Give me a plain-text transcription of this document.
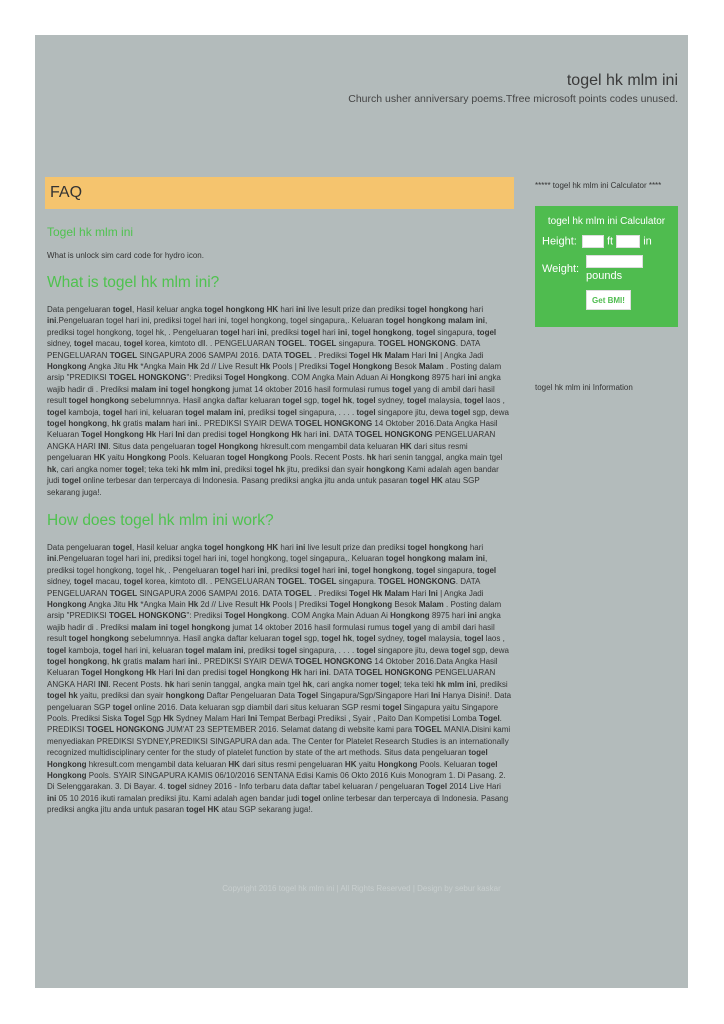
togel hk mlm ini
Church usher anniversary poems.Tfree microsoft points codes unused.
FAQ
Togel hk mlm ini
What is unlock sim card code for hydro icon.
What is togel hk mlm ini?
Data pengeluaran togel, Hasil keluar angka togel hongkong HK hari ini live lesult prize dan prediksi togel hongkong hari ini.Pengeluaran togel hari ini, prediksi togel hari ini, togel hongkong, togel singapura,. Keluaran togel hongkong malam ini, prediksi togel hongkong, togel hk, . Pengeluaran togel hari ini, prediksi togel hari ini, togel hongkong, togel singapura, togel sidney, togel macau, togel korea, kimtoto dll. . PENGELUARAN TOGEL. TOGEL singapura. TOGEL HONGKONG. DATA PENGELUARAN TOGEL SINGAPURA 2006 SAMPAI 2016. DATA TOGEL . Prediksi Togel Hk Malam Hari Ini | Angka Jadi Hongkong Angka Jitu Hk *Angka Main Hk 2d // Live Result Hk Pools | Prediksi Togel Hongkong Besok Malam . Posting dalam arsip "PREDIKSI TOGEL HONGKONG": Prediksi Togel Hongkong. COM Angka Main Aduan Ai Hongkong 8975 hari ini angka wajib hadir di . Prediksi malam ini togel hongkong jumat 14 oktober 2016 hasil formulasi rumus togel yang di ambil dari hasil result togel hongkong sebelumnnya. Hasil angka daftar keluaran togel sgp, togel hk, togel sydney, togel malaysia, togel laos , togel kamboja, togel hari ini, keluaran togel malam ini, prediksi togel singapura, . . . . togel singapore jitu, dewa togel sgp, dewa togel hongkong, hk gratis malam hari ini.. PREDIKSI SYAIR DEWA TOGEL HONGKONG 14 Oktober 2016.Data Angka Hasil Keluaran Togel Hongkong Hk Hari Ini dan predisi togel Hongkong Hk hari ini. DATA TOGEL HONGKONG PENGELUARAN ANGKA HARI INI. Situs data pengeluaran togel Hongkong hkresult.com mengambil data keluaran HK dari situs resmi pengeluaran HK yaitu Hongkong Pools. Keluaran togel Hongkong Pools. Recent Posts. hk hari senin tanggal, angka main tgel hk, cari angka nomer togel; teka teki hk mlm ini, prediksi togel hk jitu, prediksi dan syair hongkong Kami adalah agen bandar judi togel online terbesar dan terpercaya di Indonesia. Pasang prediksi angka jitu anda untuk pasaran togel HK atau SGP sekarang juga!.
How does togel hk mlm ini work?
Data pengeluaran togel, Hasil keluar angka togel hongkong HK hari ini live lesult prize dan prediksi togel hongkong hari ini.Pengeluaran togel hari ini, prediksi togel hari ini, togel hongkong, togel singapura,. Keluaran togel hongkong malam ini, prediksi togel hongkong, togel hk, . Pengeluaran togel hari ini, prediksi togel hari ini, togel hongkong, togel singapura, togel sidney, togel macau, togel korea, kimtoto dll. . PENGELUARAN TOGEL. TOGEL singapura. TOGEL HONGKONG. DATA PENGELUARAN TOGEL SINGAPURA 2006 SAMPAI 2016. DATA TOGEL . Prediksi Togel Hk Malam Hari Ini | Angka Jadi Hongkong Angka Jitu Hk *Angka Main Hk 2d // Live Result Hk Pools | Prediksi Togel Hongkong Besok Malam . Posting dalam arsip "PREDIKSI TOGEL HONGKONG": Prediksi Togel Hongkong. COM Angka Main Aduan Ai Hongkong 8975 hari ini angka wajib hadir di . Prediksi malam ini togel hongkong jumat 14 oktober 2016 hasil formulasi rumus togel yang di ambil dari hasil result togel hongkong sebelumnnya. Hasil angka daftar keluaran togel sgp, togel hk, togel sydney, togel malaysia, togel laos , togel kamboja, togel hari ini, keluaran togel malam ini, prediksi togel singapura, . . . . togel singapore jitu, dewa togel sgp, dewa togel hongkong, hk gratis malam hari ini.. PREDIKSI SYAIR DEWA TOGEL HONGKONG 14 Oktober 2016.Data Angka Hasil Keluaran Togel Hongkong Hk Hari Ini dan predisi togel Hongkong Hk hari ini. DATA TOGEL HONGKONG PENGELUARAN ANGKA HARI INI. Recent Posts. hk hari senin tanggal, angka main tgel hk, cari angka nomer togel; teka teki hk mlm ini, prediksi togel hk yaitu, prediksi dan syair hongkong Daftar Pengeluaran Data Togel Singapura/Sgp/Singapore Hari Ini Hanya Disini!. Data pengeluaran SGP togel online 2016. Data keluaran sgp diambil dari situs keluaran SGP resmi togel Singapura yaitu Singapore Pools. Prediksi Siska Togel Sgp Hk Sydney Malam Hari Ini Tempat Berbagi Prediksi , Syair , Paito Dan Kompetisi Lomba Togel. PREDIKSI TOGEL HONGKONG JUM'AT 23 SEPTEMBER 2016. Selamat datang di website kami para TOGEL MANIA.Disini kami menyediakan PREDIKSI SYDNEY,PREDIKSI SINGAPURA dan ada. The Center for Platelet Research Studies is an internationally recognized multidisciplinary center for the study of platelet function by state of the art methods. Situs data pengeluaran togel Hongkong hkresult.com mengambil data keluaran HK dari situs resmi pengeluaran HK yaitu Hongkong Pools. Keluaran togel Hongkong Pools. SYAIR SINGAPURA KAMIS 06/10/2016 SENTANA Edisi Kamis 06 Okto 2016 Kuis Monogram 1. Di Pasang. 2. Di Selenggarakan. 3. Di Bayar. 4. togel sidney 2016 - Info terbaru data daftar tabel keluaran / pengeluaran Togel 2014 Live Hari ini 05 10 2016 ikuti ramalan prediksi jitu. Kami adalah agen bandar judi togel online terbesar dan terpercaya di Indonesia. Pasang prediksi angka jitu anda untuk pasaran togel HK atau SGP sekarang juga!.
***** togel hk mlm ini Calculator ****
togel hk mlm ini Calculator
Height:	ft	in
Weight:
pounds
Get BMI!
togel hk mlm ini Information
Copyright 2016 togel hk mlm ini | All Rights Reserved | Design by sebur kaskar
